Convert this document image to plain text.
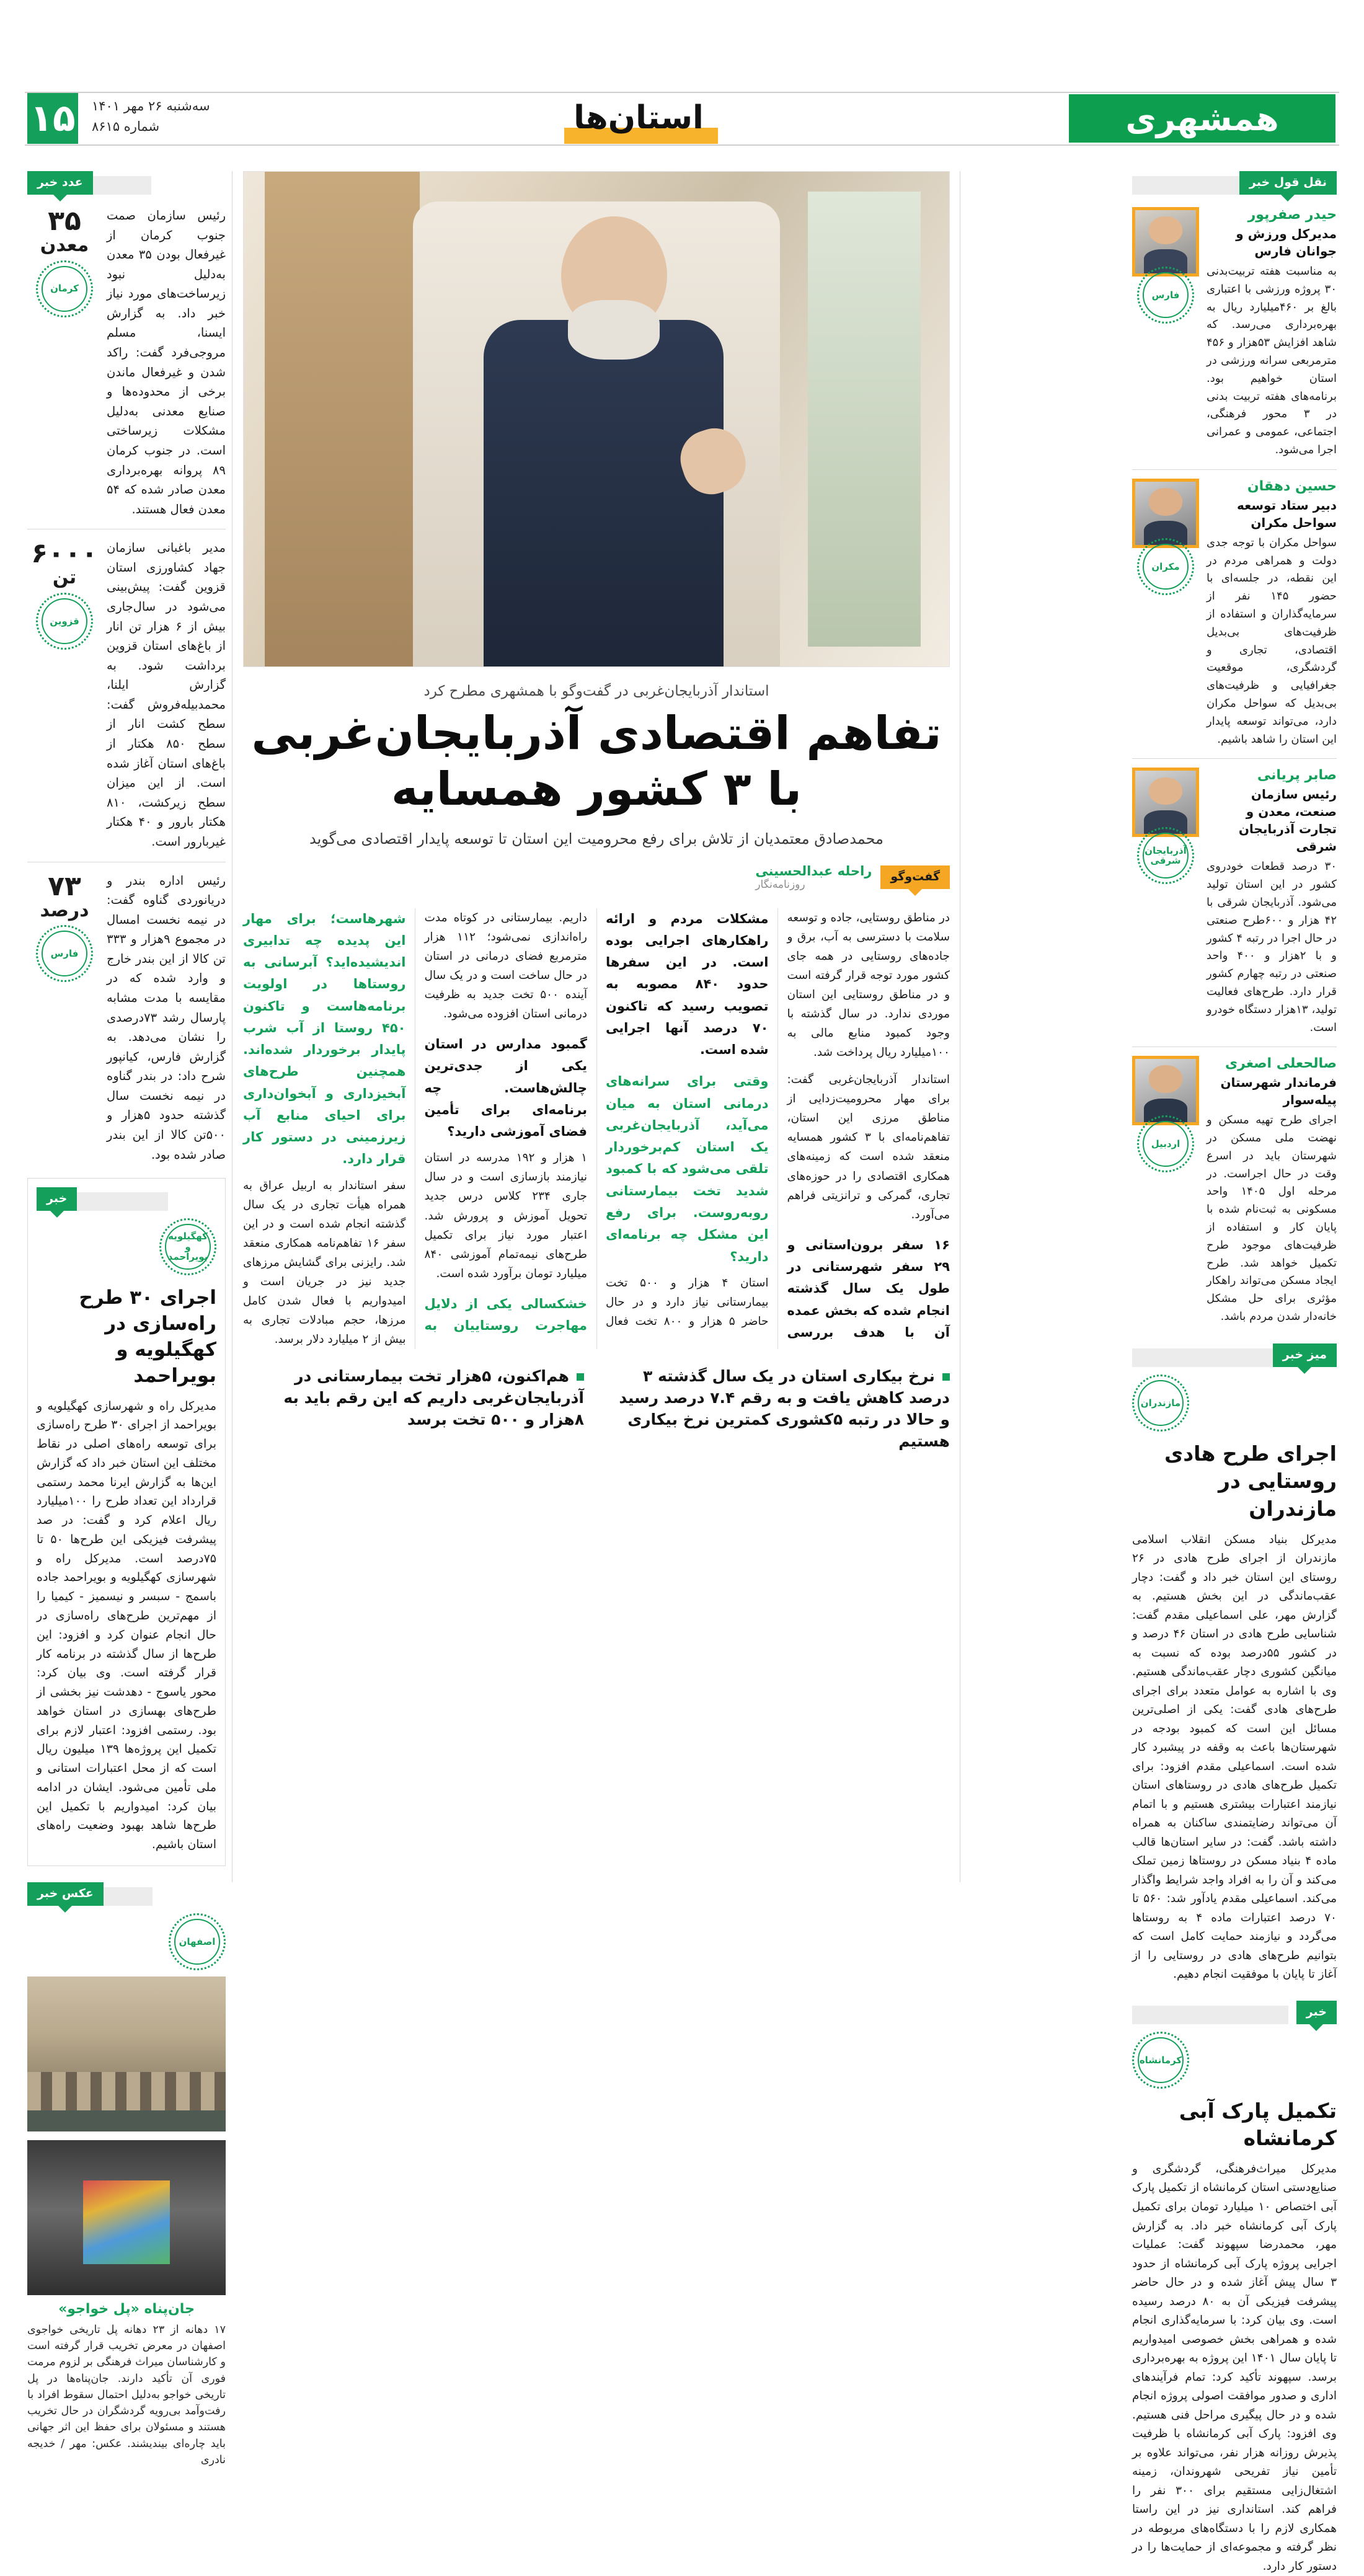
۱۵ سه‌شنبه ۲۶ مهر ۱۴۰۱
شماره ۸۶۱۵	استان‌ها	همشهری
عدد خبر
۳۵
معدن
کرمان
رئیس سازمان صمت جنوب کرمان از غیرفعال بودن ۳۵ معدن به‌دلیل نبود زیرساخت‌های مورد نیاز خبر داد. به گزارش ایسنا، مسلم مروجی‌فرد گفت: راکد شدن و غیرفعال ماندن برخی از محدوده‌ها و صنایع معدنی به‌دلیل مشکلات زیرساختی است. در جنوب کرمان ۸۹ پروانه بهره‌برداری معدن صادر شده که ۵۴ معدن فعال هستند.
۶۰۰۰
تن
قزوین
مدیر باغبانی سازمان جهاد کشاورزی استان قزوین گفت: پیش‌بینی می‌شود در سال‌جاری بیش از ۶ هزار تن انار از باغ‌های استان قزوین برداشت شود. به گزارش ایلنا، محمدبیله‌فروش گفت: سطح کشت انار از سطح ۸۵۰ هکتار از باغ‌های استان آغاز شده است. از این میزان سطح زیرکشت، ۸۱۰ هکتار بارور و ۴۰ هکتار غیربارور است.
۷۳
درصد
فارس
رئیس اداره بندر و دریانوردی گناوه گفت: در نیمه نخست امسال در مجموع ۹هزار و ۳۳۳ تن کالا از این بندر خارج و وارد شده که در مقایسه با مدت مشابه پارسال رشد ۷۳درصدی را نشان می‌دهد. به گزارش فارس، کیانپور شرح داد: در بندر گناوه در نیمه نخست سال گذشته حدود ۵هزار و ۵۰۰تن کالا از این بندر صادر شده بود.
خبر
کهگیلویه و بویراحمد
اجرای ۳۰ طرح راه‌سازی در کهگیلویه و بویراحمد
مدیرکل راه و شهرسازی کهگیلویه و بویراحمد از اجرای ۳۰ طرح راه‌سازی برای توسعه راه‌های اصلی در نقاط مختلف این استان خبر داد که گزارش این‌ها به گزارش ایرنا محمد رستمی قرارداد این تعداد طرح را ۱۰۰میلیارد ریال اعلام کرد و گفت: در صد پیشرفت فیزیکی این طرح‌ها ۵۰ تا ۷۵درصد است. مدیرکل راه و شهرسازی کهگیلویه و بویراحمد جاده باسمج - سبسر و نیسمیز - کیمیا را از مهم‌ترین طرح‌های راه‌سازی در حال انجام عنوان کرد و افزود: این طرح‌ها از سال گذشته در برنامه کار قرار گرفته است. وی بیان کرد: محور یاسوج - دهدشت نیز بخشی از طرح‌های بهسازی در استان خواهد بود. رستمی افزود: اعتبار لازم برای تکمیل این پروژه‌ها ۱۳۹ میلیون ریال است که از محل اعتبارات استانی و ملی تأمین می‌شود. ایشان در ادامه بیان کرد: امیدواریم با تکمیل این طرح‌ها شاهد بهبود وضعیت راه‌های استان باشیم.
عکس خبر
اصفهان
جان‌پناه «پل خواجو»
۱۷ دهانه از ۲۳ دهانه پل تاریخی خواجوی اصفهان در معرض تخریب قرار گرفته است و کارشناسان میراث فرهنگی بر لزوم مرمت فوری آن تأکید دارند. جان‌پناه‌ها در پل تاریخی خواجو به‌دلیل احتمال سقوط افراد با رفت‌وآمد بی‌رویه گردشگران در حال تخریب هستند و مسئولان برای حفظ این اثر جهانی باید چاره‌ای بیندیشند. عکس: مهر / خدیجه نادری
استاندار آذربایجان‌غربی در گفت‌وگو با همشهری مطرح کرد
تفاهم اقتصادی آذربایجان‌غربی با ۳ کشور همسایه
محمدصادق معتمدیان از تلاش برای رفع محرومیت این استان تا توسعه پایدار اقتصادی می‌گوید
گفت‌وگو
راحله عبدالحسینی
روزنامه‌نگار

در مناطق روستایی، جاده و توسعه سلامت با دسترسی به آب، برق و جاده‌های روستایی در همه جای کشور مورد توجه قرار گرفته است و در مناطق روستایی این استان موردی ندارد. در سال گذشته با وجود کمبود منابع مالی به ۱۰۰میلیارد ریال پرداخت شد.

استاندار آذربایجان‌غربی گفت: برای مهار محرومیت‌زدایی از مناطق مرزی این استان، تفاهم‌نامه‌ای با ۳ کشور همسایه منعقد شده است که زمینه‌های همکاری اقتصادی را در حوزه‌های تجاری، گمرکی و ترانزیتی فراهم می‌آورد.

۱۶ سفر برون‌استانی و ۲۹ سفر شهرستانی در طول یک سال گذشته انجام شده که بخش عمده آن با هدف بررسی مشکلات مردم و ارائه راهکارهای اجرایی بوده است. در این سفرها حدود ۸۴۰ مصوبه به تصویب رسید که تاکنون ۷۰ درصد آنها اجرایی شده است.
وقتی برای سرانه‌های درمانی استان به میان می‌آید، آذربایجان‌غربی یک استان کم‌برخوردار تلقی می‌شود که با کمبود شدید تخت بیمارستانی روبه‌روست. برای رفع این مشکل چه برنامه‌ای دارید؟

استان ۴ هزار و ۵۰۰ تخت بیمارستانی نیاز دارد و در حال حاضر ۵ هزار و ۸۰۰ تخت فعال داریم. بیمارستانی در کوتاه مدت راه‌اندازی نمی‌شود؛ ۱۱۲ هزار مترمربع فضای درمانی در استان در حال ساخت است و در یک سال آینده ۵۰۰ تخت جدید به ظرفیت درمانی استان افزوده می‌شود.

گمبود مدارس در استان یکی از جدی‌ترین چالش‌هاست. چه برنامه‌ای برای تأمین فضای آموزشی دارید؟

۱ هزار و ۱۹۲ مدرسه در استان نیازمند بازسازی است و در سال جاری ۲۳۴ کلاس درس جدید تحویل آموزش و پرورش شد. اعتبار مورد نیاز برای تکمیل طرح‌های نیمه‌تمام آموزشی ۸۴۰ میلیارد تومان برآورد شده است.

خشکسالی یکی از دلایل مهاجرت روستاییان به شهرهاست؛ برای مهار این پدیده چه تدابیری اندیشیده‌اید؟ آبرسانی به روستاها در اولویت برنامه‌هاست و تاکنون ۴۵۰ روستا از آب شرب پایدار برخوردار شده‌اند. همچنین طرح‌های آبخیزداری و آبخوان‌داری برای احیای منابع آب زیرزمینی در دستور کار قرار دارد.

سفر استاندار به اربیل عراق به همراه هیأت تجاری در یک سال گذشته انجام شده است و در این سفر ۱۶ تفاهم‌نامه همکاری منعقد شد. رایزنی برای گشایش مرزهای جدید نیز در جریان است و امیدواریم با فعال شدن کامل مرزها، حجم مبادلات تجاری به بیش از ۲ میلیارد دلار برسد.

نرخ بیکاری استان در یک سال گذشته ۳ درصد کاهش یافت و به رقم ۷.۴ درصد رسید و حالا در رتبه ۵کشوری کمترین نرخ بیکاری هستیم
هم‌اکنون، ۵هزار تخت بیمارستانی در آذربایجان‌غربی داریم که این رقم باید به ۸هزار و ۵۰۰ تخت برسد
نقل قول خبر
حیدر صفرپور
مدیرکل ورزش و جوانان فارس
به مناسبت هفته تربیت‌بدنی ۳۰ پروژه ورزشی با اعتباری بالغ بر ۴۶۰میلیارد ریال به بهره‌برداری می‌رسد. که شاهد افزایش ۵۳هزار و ۴۵۶ مترمربعی سرانه ورزشی در استان خواهیم بود. برنامه‌های هفته تربیت بدنی در ۳ محور فرهنگی، اجتماعی، عمومی و عمرانی اجرا می‌شود.
فارس
حسین دهقان
دبیر ستاد توسعه سواحل مکران
سواحل مکران با توجه جدی دولت و همراهی مردم در این نقطه، در جلسه‌ای با حضور ۱۴۵ نفر از سرمایه‌گذاران و استفاده از ظرفیت‌های بی‌بدیل اقتصادی، تجاری و گردشگری، موقعیت جغرافیایی و ظرفیت‌های بی‌بدیل که سواحل مکران دارد، می‌تواند توسعه پایدار این استان را شاهد باشیم.
مکران
صابر پریانی
رئیس سازمان صنعت، معدن و تجارت آذربایجان شرقی
۳۰ درصد قطعات خودروی کشور در این استان تولید می‌شود. آذربایجان شرقی با ۴۲ هزار و ۶۰۰طرح صنعتی در حال اجرا در رتبه ۴ کشور و با ۲هزار و ۴۰۰ واحد صنعتی در رتبه چهارم کشور قرار دارد. طرح‌های فعالیت تولید، ۱۳هزار دستگاه خودرو است.
آذربایجان شرقی
صالحعلی اصغری
فرماندار شهرستان پیله‌سوار
اجرای طرح تهیه مسکن و نهضت ملی مسکن در شهرستان باید در اسرع وقت در حال اجراست. در مرحله اول ۱۴۰۵ واحد مسکونی به ثبت‌نام شده با پایان کار و استفاده از ظرفیت‌های موجود طرح تکمیل خواهد شد. طرح ایجاد مسکن می‌تواند راهکار مؤثری برای حل مشکل خانه‌دار شدن مردم باشد.
اردبیل
میز خبر
مازندران
اجرای طرح هادی روستایی در مازندران
مدیرکل بنیاد مسکن انقلاب اسلامی مازندران از اجرای طرح هادی در ۲۶ روستای این استان خبر داد و گفت: دچار عقب‌ماندگی در این بخش هستیم. به گزارش مهر، علی اسماعیلی مقدم گفت: شناسایی طرح هادی در استان ۴۶ درصد و در کشور ۵۵درصد بوده که نسبت به میانگین کشوری دچار عقب‌ماندگی هستیم. وی با اشاره به عوامل متعدد برای اجرای طرح‌های هادی گفت: یکی از اصلی‌ترین مسائل این است که کمبود بودجه در شهرستان‌ها باعث به وقفه در پیشبرد کار شده است. اسماعیلی مقدم افزود: برای تکمیل طرح‌های هادی در روستاهای استان نیازمند اعتبارات بیشتری هستیم و با اتمام آن می‌تواند رضایتمندی ساکنان به همراه داشته باشد. گفت: در سایر استان‌ها قالب ماده ۴ بنیاد مسکن در روستاها زمین تملک می‌کند و آن را به افراد واجد شرایط واگذار می‌کند. اسماعیلی مقدم یادآور شد: ۵۶۰ تا ۷۰ درصد اعتبارات ماده ۴ به روستاها می‌گردد و نیازمند حمایت کامل است که بتوانیم طرح‌های هادی در روستایی را از آغاز تا پایان با موفقیت انجام دهیم.
خبر
کرمانشاه
تکمیل پارک آبی کرمانشاه
مدیرکل میراث‌فرهنگی، گردشگری و صنایع‌دستی استان کرمانشاه از تکمیل پارک آبی اختصاص ۱۰ میلیارد تومان برای تکمیل پارک آبی کرمانشاه خبر داد. به گزارش مهر، محمدرضا سپهوند گفت: عملیات اجرایی پروژه پارک آبی کرمانشاه از حدود ۳ سال پیش آغاز شده و در حال حاضر پیشرفت فیزیکی آن به ۸۰ درصد رسیده است. وی بیان کرد: با سرمایه‌گذاری انجام شده و همراهی بخش خصوصی امیدواریم تا پایان سال ۱۴۰۱ این پروژه به بهره‌برداری برسد. سپهوند تأکید کرد: تمام فرآیندهای اداری و صدور موافقت اصولی پروژه انجام شده و در حال پیگیری مراحل فنی هستیم. وی افزود: پارک آبی کرمانشاه با ظرفیت پذیرش روزانه هزار نفر، می‌تواند علاوه بر تأمین نیاز تفریحی شهروندان، زمینه اشتغال‌زایی مستقیم برای ۳۰۰ نفر را فراهم کند. استانداری نیز در این راستا همکاری لازم را با دستگاه‌های مربوطه در نظر گرفته و مجموعه‌ای از حمایت‌ها را در دستور کار دارد.
